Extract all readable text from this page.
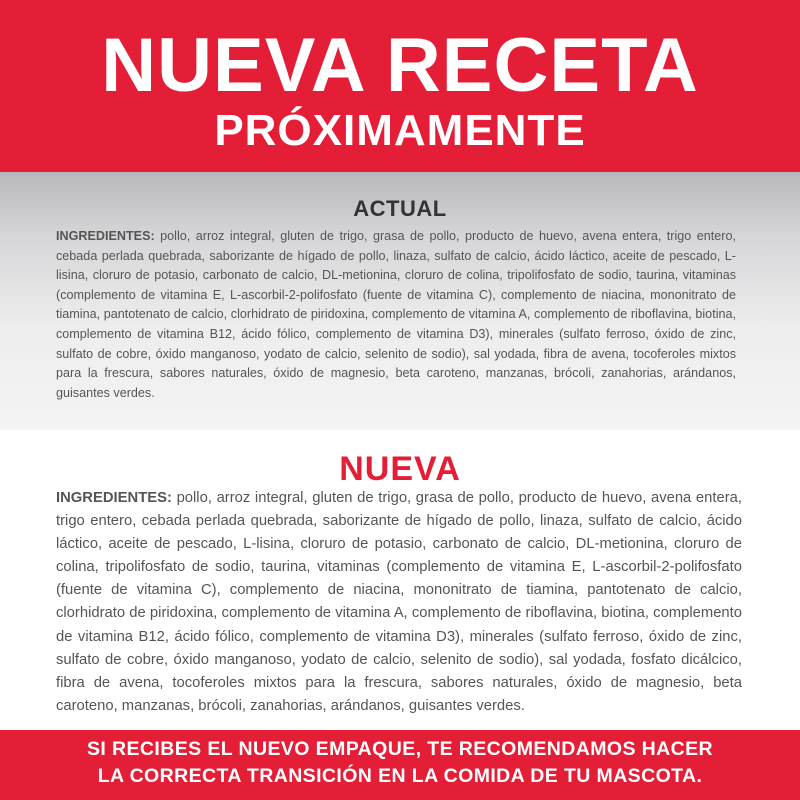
NUEVA RECETA
PRÓXIMAMENTE
ACTUAL
INGREDIENTES: pollo, arroz integral, gluten de trigo, grasa de pollo, producto de huevo, avena entera, trigo entero, cebada perlada quebrada, saborizante de hígado de pollo, linaza, sulfato de calcio, ácido láctico, aceite de pescado, L-lisina, cloruro de potasio, carbonato de calcio, DL-metionina, cloruro de colina, tripolifosfato de sodio, taurina, vitaminas (complemento de vitamina E, L-ascorbil-2-polifosfato (fuente de vitamina C), complemento de niacina, mononitrato de tiamina, pantotenato de calcio, clorhidrato de piridoxina, complemento de vitamina A, complemento de riboflavina, biotina, complemento de vitamina B12, ácido fólico, complemento de vitamina D3), minerales (sulfato ferroso, óxido de zinc, sulfato de cobre, óxido manganoso, yodato de calcio, selenito de sodio), sal yodada, fibra de avena, tocoferoles mixtos para la frescura, sabores naturales, óxido de magnesio, beta caroteno, manzanas, brócoli, zanahorias, arándanos, guisantes verdes.
NUEVA
INGREDIENTES: pollo, arroz integral, gluten de trigo, grasa de pollo, producto de huevo, avena entera, trigo entero, cebada perlada quebrada, saborizante de hígado de pollo, linaza, sulfato de calcio, ácido láctico, aceite de pescado, L-lisina, cloruro de potasio, carbonato de calcio, DL-metionina, cloruro de colina, tripolifosfato de sodio, taurina, vitaminas (complemento de vitamina E, L-ascorbil-2-polifosfato (fuente de vitamina C), complemento de niacina, mononitrato de tiamina, pantotenato de calcio, clorhidrato de piridoxina, complemento de vitamina A, complemento de riboflavina, biotina, complemento de vitamina B12, ácido fólico, complemento de vitamina D3), minerales (sulfato ferroso, óxido de zinc, sulfato de cobre, óxido manganoso, yodato de calcio, selenito de sodio), sal yodada, fosfato dicálcico, fibra de avena, tocoferoles mixtos para la frescura, sabores naturales, óxido de magnesio, beta caroteno, manzanas, brócoli, zanahorias, arándanos, guisantes verdes.
SI RECIBES EL NUEVO EMPAQUE, TE RECOMENDAMOS HACER
LA CORRECTA TRANSICIÓN EN LA COMIDA DE TU MASCOTA.
